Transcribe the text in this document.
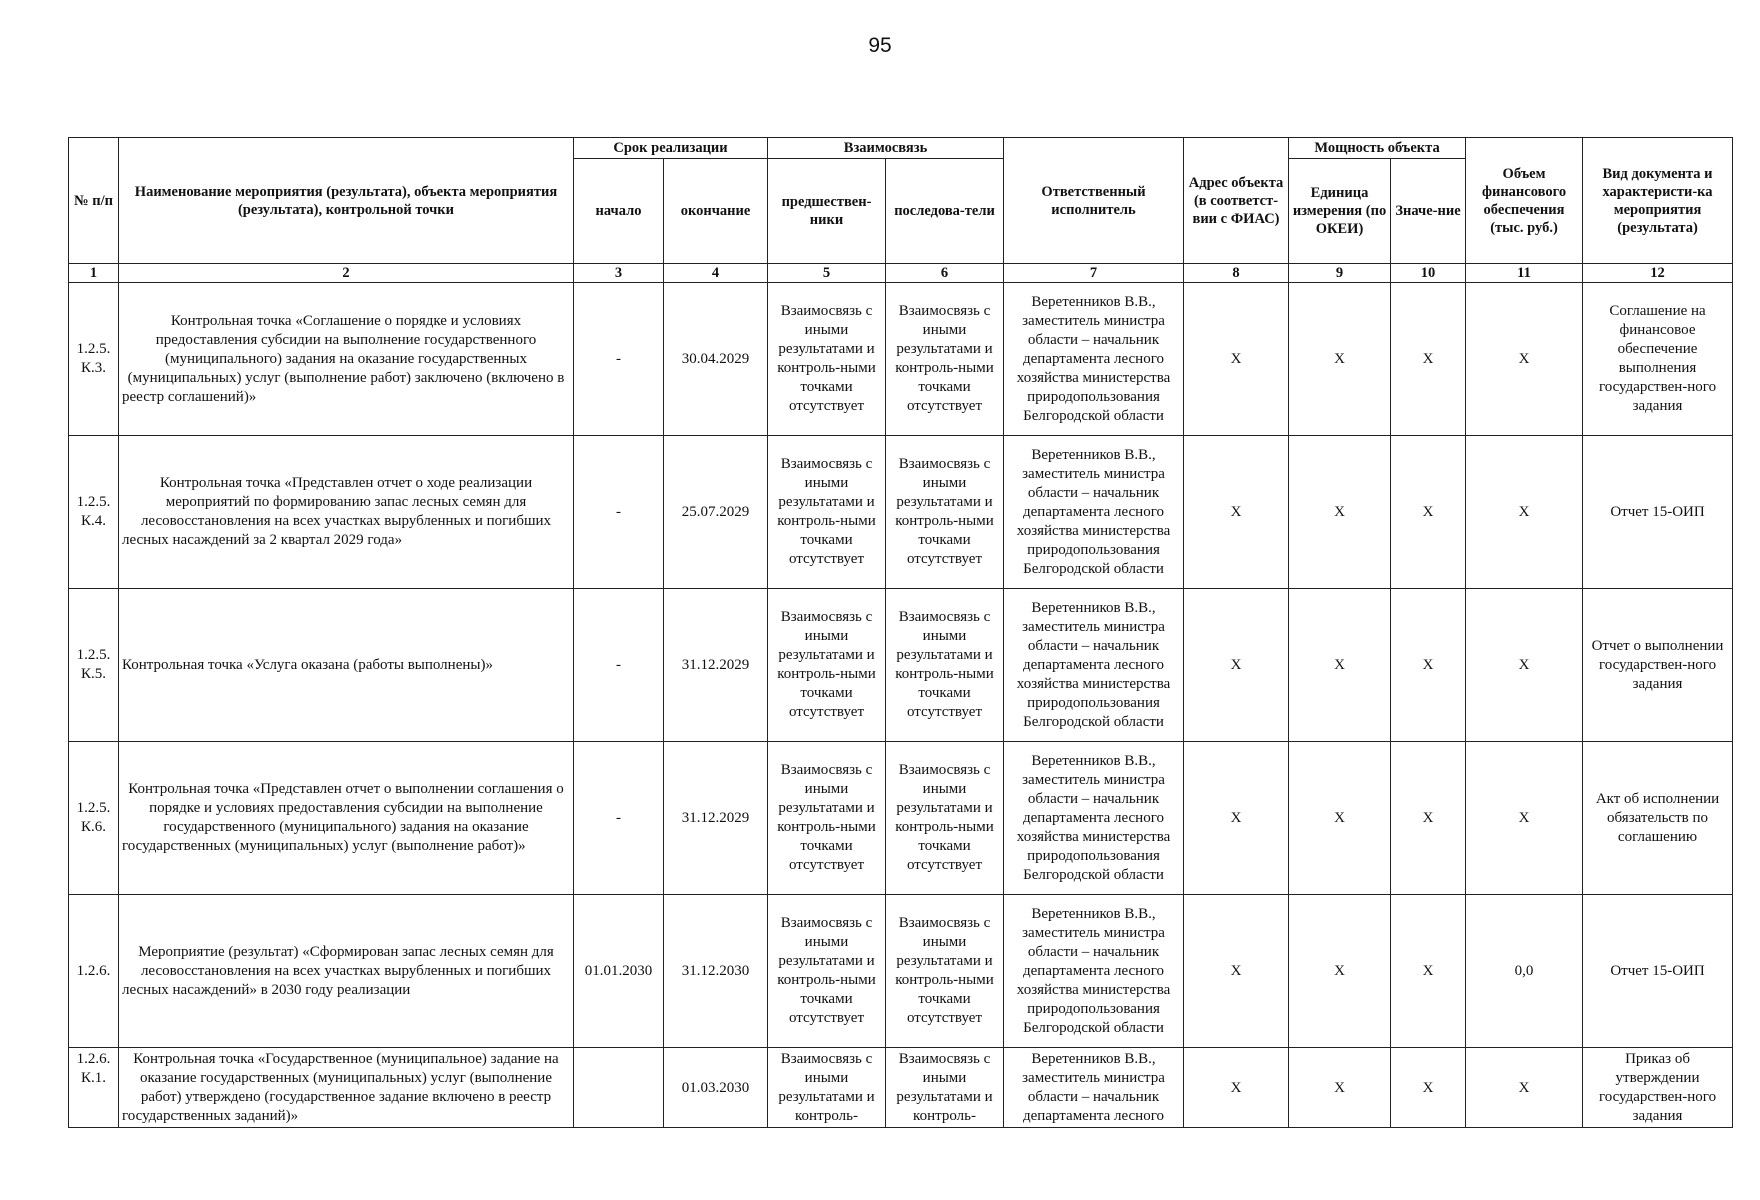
95
№ п/п	Наименование мероприятия (результата), объекта мероприятия (результата), контрольной точки	Срок реализации		Взаимосвязь		Ответственный исполнитель	Адрес объекта (в соответст-вии с ФИАС)	Мощность объекта		Объем финансового обеспечения (тыс. руб.)	Вид документа и характеристи-ка мероприятия (результата)
		начало	окончание	предшествен-ники	последова-тели			Единица измерения (по ОКЕИ)	Значе-ние		
1	2	3	4	5	6	7	8	9	10	11	12
1.2.5. К.3.	Контрольная точка «Соглашение о порядке и условиях предоставления субсидии на выполнение государственного (муниципального) задания на оказание государственных (муниципальных) услуг (выполнение работ) заключено (включено в реестр соглашений)»	-	30.04.2029	Взаимосвязь с иными результатами и контроль-ными точками отсутствует	Взаимосвязь с иными результатами и контроль-ными точками отсутствует	Веретенников В.В., заместитель министра области – начальник департамента лесного хозяйства министерства природопользования Белгородской области	X	X	X	X	Соглашение на финансовое обеспечение выполнения государствен-ного задания
1.2.5. К.4.	Контрольная точка «Представлен отчет о ходе реализации мероприятий по формированию запас лесных семян для лесовосстановления на всех участках вырубленных и погибших лесных насаждений за 2 квартал 2029 года»	-	25.07.2029	Взаимосвязь с иными результатами и контроль-ными точками отсутствует	Взаимосвязь с иными результатами и контроль-ными точками отсутствует	Веретенников В.В., заместитель министра области – начальник департамента лесного хозяйства министерства природопользования Белгородской области	X	X	X	X	Отчет 15-ОИП
1.2.5. К.5.	Контрольная точка «Услуга оказана (работы выполнены)»	-	31.12.2029	Взаимосвязь с иными результатами и контроль-ными точками отсутствует	Взаимосвязь с иными результатами и контроль-ными точками отсутствует	Веретенников В.В., заместитель министра области – начальник департамента лесного хозяйства министерства природопользования Белгородской области	X	X	X	X	Отчет о выполнении государствен-ного задания
1.2.5. К.6.	Контрольная точка «Представлен отчет о выполнении соглашения о порядке и условиях предоставления субсидии на выполнение государственного (муниципального) задания на оказание государственных (муниципальных) услуг (выполнение работ)»	-	31.12.2029	Взаимосвязь с иными результатами и контроль-ными точками отсутствует	Взаимосвязь с иными результатами и контроль-ными точками отсутствует	Веретенников В.В., заместитель министра области – начальник департамента лесного хозяйства министерства природопользования Белгородской области	X	X	X	X	Акт об исполнении обязательств по соглашению
1.2.6.	Мероприятие (результат) «Сформирован запас лесных семян для лесовосстановления на всех участках вырубленных и погибших лесных насаждений» в 2030 году реализации	01.01.2030	31.12.2030	Взаимосвязь с иными результатами и контроль-ными точками отсутствует	Взаимосвязь с иными результатами и контроль-ными точками отсутствует	Веретенников В.В., заместитель министра области – начальник департамента лесного хозяйства министерства природопользования Белгородской области	X	X	X	0,0	Отчет 15-ОИП
1.2.6. К.1.	Контрольная точка «Государственное (муниципальное) задание на оказание государственных (муниципальных) услуг (выполнение работ) утверждено (государственное задание включено в реестр государственных заданий)»		01.03.2030	Взаимосвязь с иными результатами и контроль-	Взаимосвязь с иными результатами и контроль-	Веретенников В.В., заместитель министра области – начальник департамента лесного	X	X	X	X	Приказ об утверждении государствен-ного задания
